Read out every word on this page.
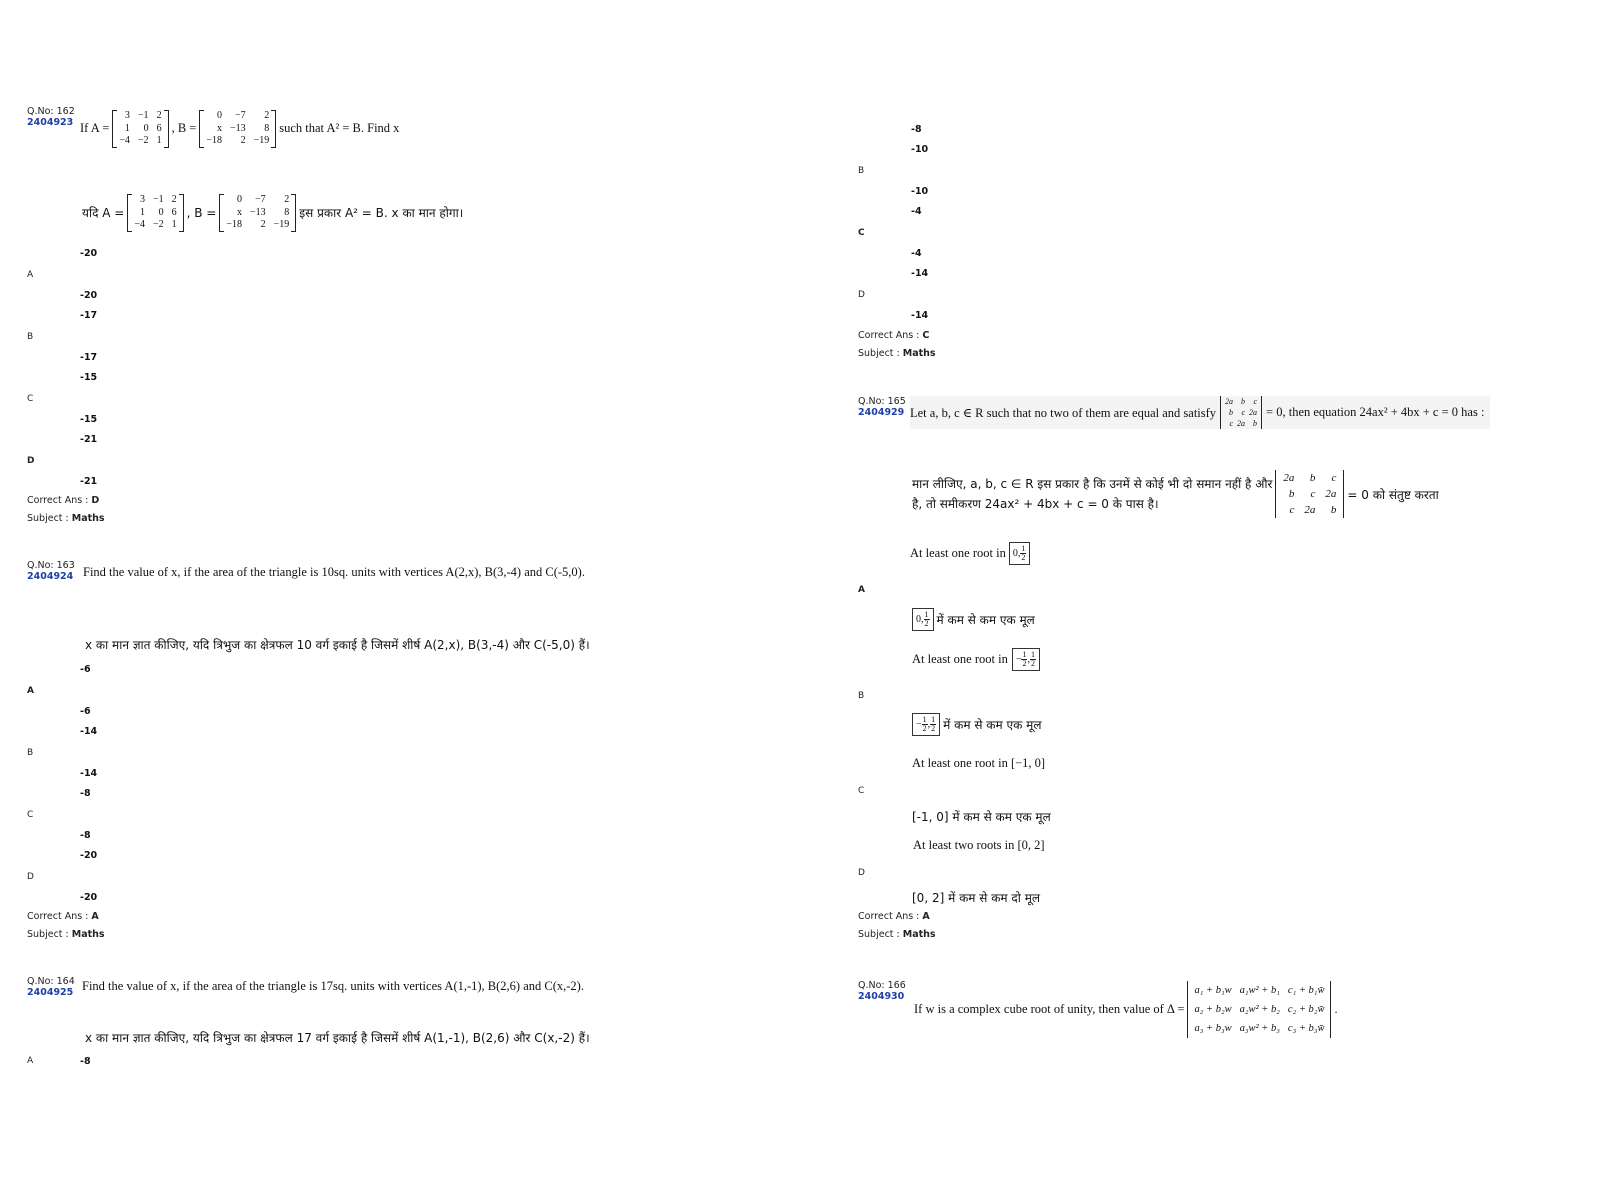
Q.No: 162
2404923 If A =
3	−1	2
1	0	6
−4	−2	1
, B =
0	−7	2
x	−13	8
−18	2	−19
such that A² = B. Find x
यदि A =
3	−1	2
1	0	6
−4	−2	1
, B =
0	−7	2
x	−13	8
−18	2	−19
इस प्रकार A² = B. x का मान होगा।
-20
A
-20
-17
B
-17
-15
C
-15
-21
D
-21
Correct Ans : D
Subject : Maths
Q.No: 163
2404924 Find the value of x, if the area of the triangle is 10sq. units with vertices A(2,x), B(3,-4) and C(-5,0).
x का मान ज्ञात कीजिए, यदि त्रिभुज का क्षेत्रफल 10 वर्ग इकाई है जिसमें शीर्ष A(2,x), B(3,-4) और C(-5,0) हैं।
-6
A
-6
-14
B
-14
-8
C
-8
-20
D
-20
Correct Ans : A
Subject : Maths
Q.No: 164
2404925 Find the value of x, if the area of the triangle is 17sq. units with vertices A(1,-1), B(2,6) and C(x,-2).
x का मान ज्ञात कीजिए, यदि त्रिभुज का क्षेत्रफल 17 वर्ग इकाई है जिसमें शीर्ष A(1,-1), B(2,6) और C(x,-2) हैं।
A	-8
-8
-10
B
-10
-4
C
-4
-14
D
-14
Correct Ans : C
Subject : Maths
Q.No: 165
2404929 Let a, b, c ∈ R such that no two of them are equal and satisfy
2a	b	c
b	c	2a
c	2a	b
= 0, then equation 24ax² + 4bx + c = 0 has :
मान लीजिए, a, b, c ∈ R इस प्रकार है कि उनमें से कोई भी दो समान नहीं है और
है, तो समीकरण 24ax² + 4bx + c = 0 के पास है।
2a	b	c
b	c	2a
c	2a	b
= 0 को संतुष्ट करता
At least one root in 0, $\frac{1}{2}$
A
0, $\frac{1}{2}$ में कम से कम एक मूल
At least one root in − $\frac{1}{2}$ , $\frac{1}{2}$
B
− $\frac{1}{2}$ , $\frac{1}{2}$ में कम से कम एक मूल
At least one root in [−1, 0]
C
[-1, 0] में कम से कम एक मूल
At least two roots in [0, 2]
D
[0, 2] में कम से कम दो मूल
Correct Ans : A
Subject : Maths
Q.No: 166
2404930
If w is a complex cube root of unity, then value of Δ =
a₁ + b₁w	a₁w² + b₁	c₁ + b₁w̄
a₂ + b₂w	a₂w² + b₂	c₂ + b₂w̄
a₃ + b₃w	a₃w² + b₃	c₃ + b₃w̄
.
